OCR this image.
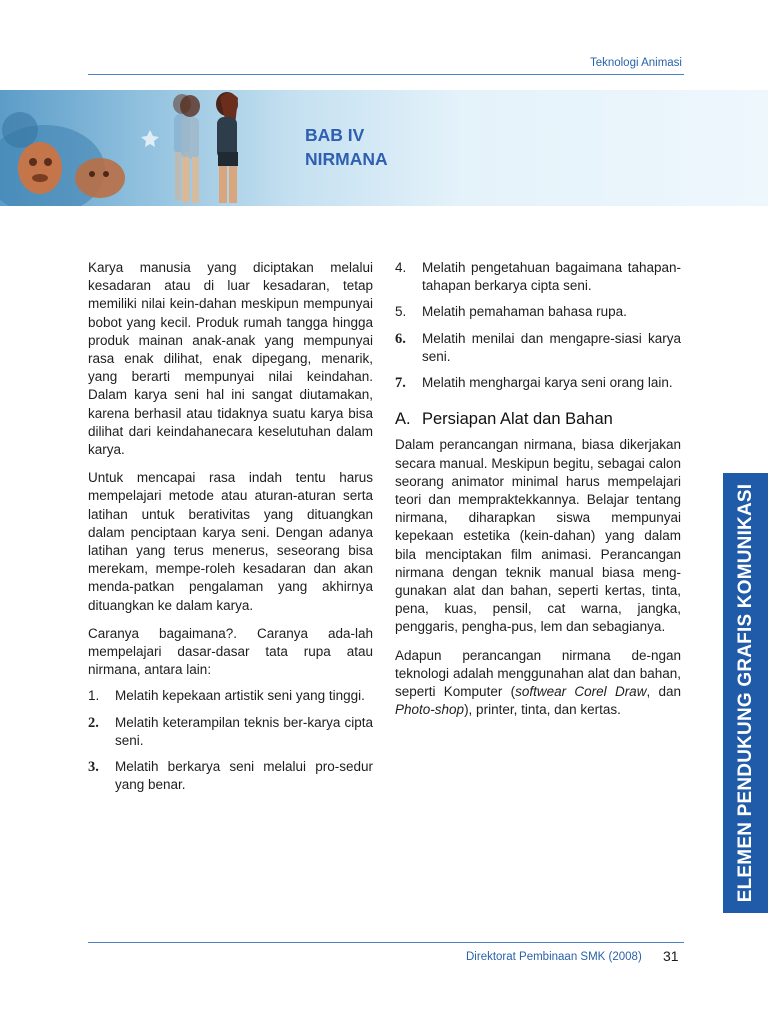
Teknologi Animasi
BAB IV
NIRMANA

Karya manusia yang diciptakan melalui kesadaran atau di luar kesadaran, tetap memiliki nilai kein-dahan meskipun mempunyai bobot yang kecil. Produk rumah tangga hingga produk mainan anak-anak yang mempunyai rasa enak dilihat, enak dipegang, menarik, yang berarti mempunyai nilai keindahan. Dalam karya seni hal ini sangat diutamakan, karena berhasil atau tidaknya suatu karya bisa dilihat dari keindahanecara keselutuhan dalam karya.

Untuk mencapai rasa indah tentu harus mempelajari metode atau aturan-aturan serta latihan untuk berativitas yang dituangkan dalam penciptaan karya seni. Dengan adanya latihan yang terus menerus, seseorang bisa merekam, mempe-roleh kesadaran dan akan menda-patkan pengalaman yang akhirnya dituangkan ke dalam karya.

Caranya bagaimana?. Caranya ada-lah mempelajari dasar-dasar tata rupa atau nirmana, antara lain:

1.	Melatih kepekaan artistik seni yang tinggi.
2.	Melatih keterampilan teknis ber-karya cipta seni.
3.	Melatih berkarya seni melalui pro-sedur yang benar.
4.	Melatih pengetahuan bagaimana tahapan-tahapan berkarya cipta seni.
5.	Melatih pemahaman bahasa rupa.
6.	Melatih menilai dan mengapre-siasi karya seni.
7.	Melatih menghargai karya seni orang lain.
A. Persiapan Alat dan Bahan

Dalam perancangan nirmana, biasa dikerjakan secara manual. Meskipun begitu, sebagai calon seorang animator minimal harus mempelajari teori dan mempraktekkannya. Belajar tentang nirmana, diharapkan siswa mempunyai kepekaan estetika (kein-dahan) yang dalam bila menciptakan film animasi. Perancangan nirmana dengan teknik manual biasa meng-gunakan alat dan bahan, seperti kertas, tinta, pena, kuas, pensil, cat warna, jangka, penggaris, pengha-pus, lem dan sebagianya.

Adapun perancangan nirmana de-ngan teknologi adalah menggunahan alat dan bahan, seperti Komputer (softwear Corel Draw, dan Photo-shop), printer, tinta, dan kertas.	ELEMEN PENDUKUNG GRAFIS KOMUNIKASI
Direktorat Pembinaan SMK (2008) 31
